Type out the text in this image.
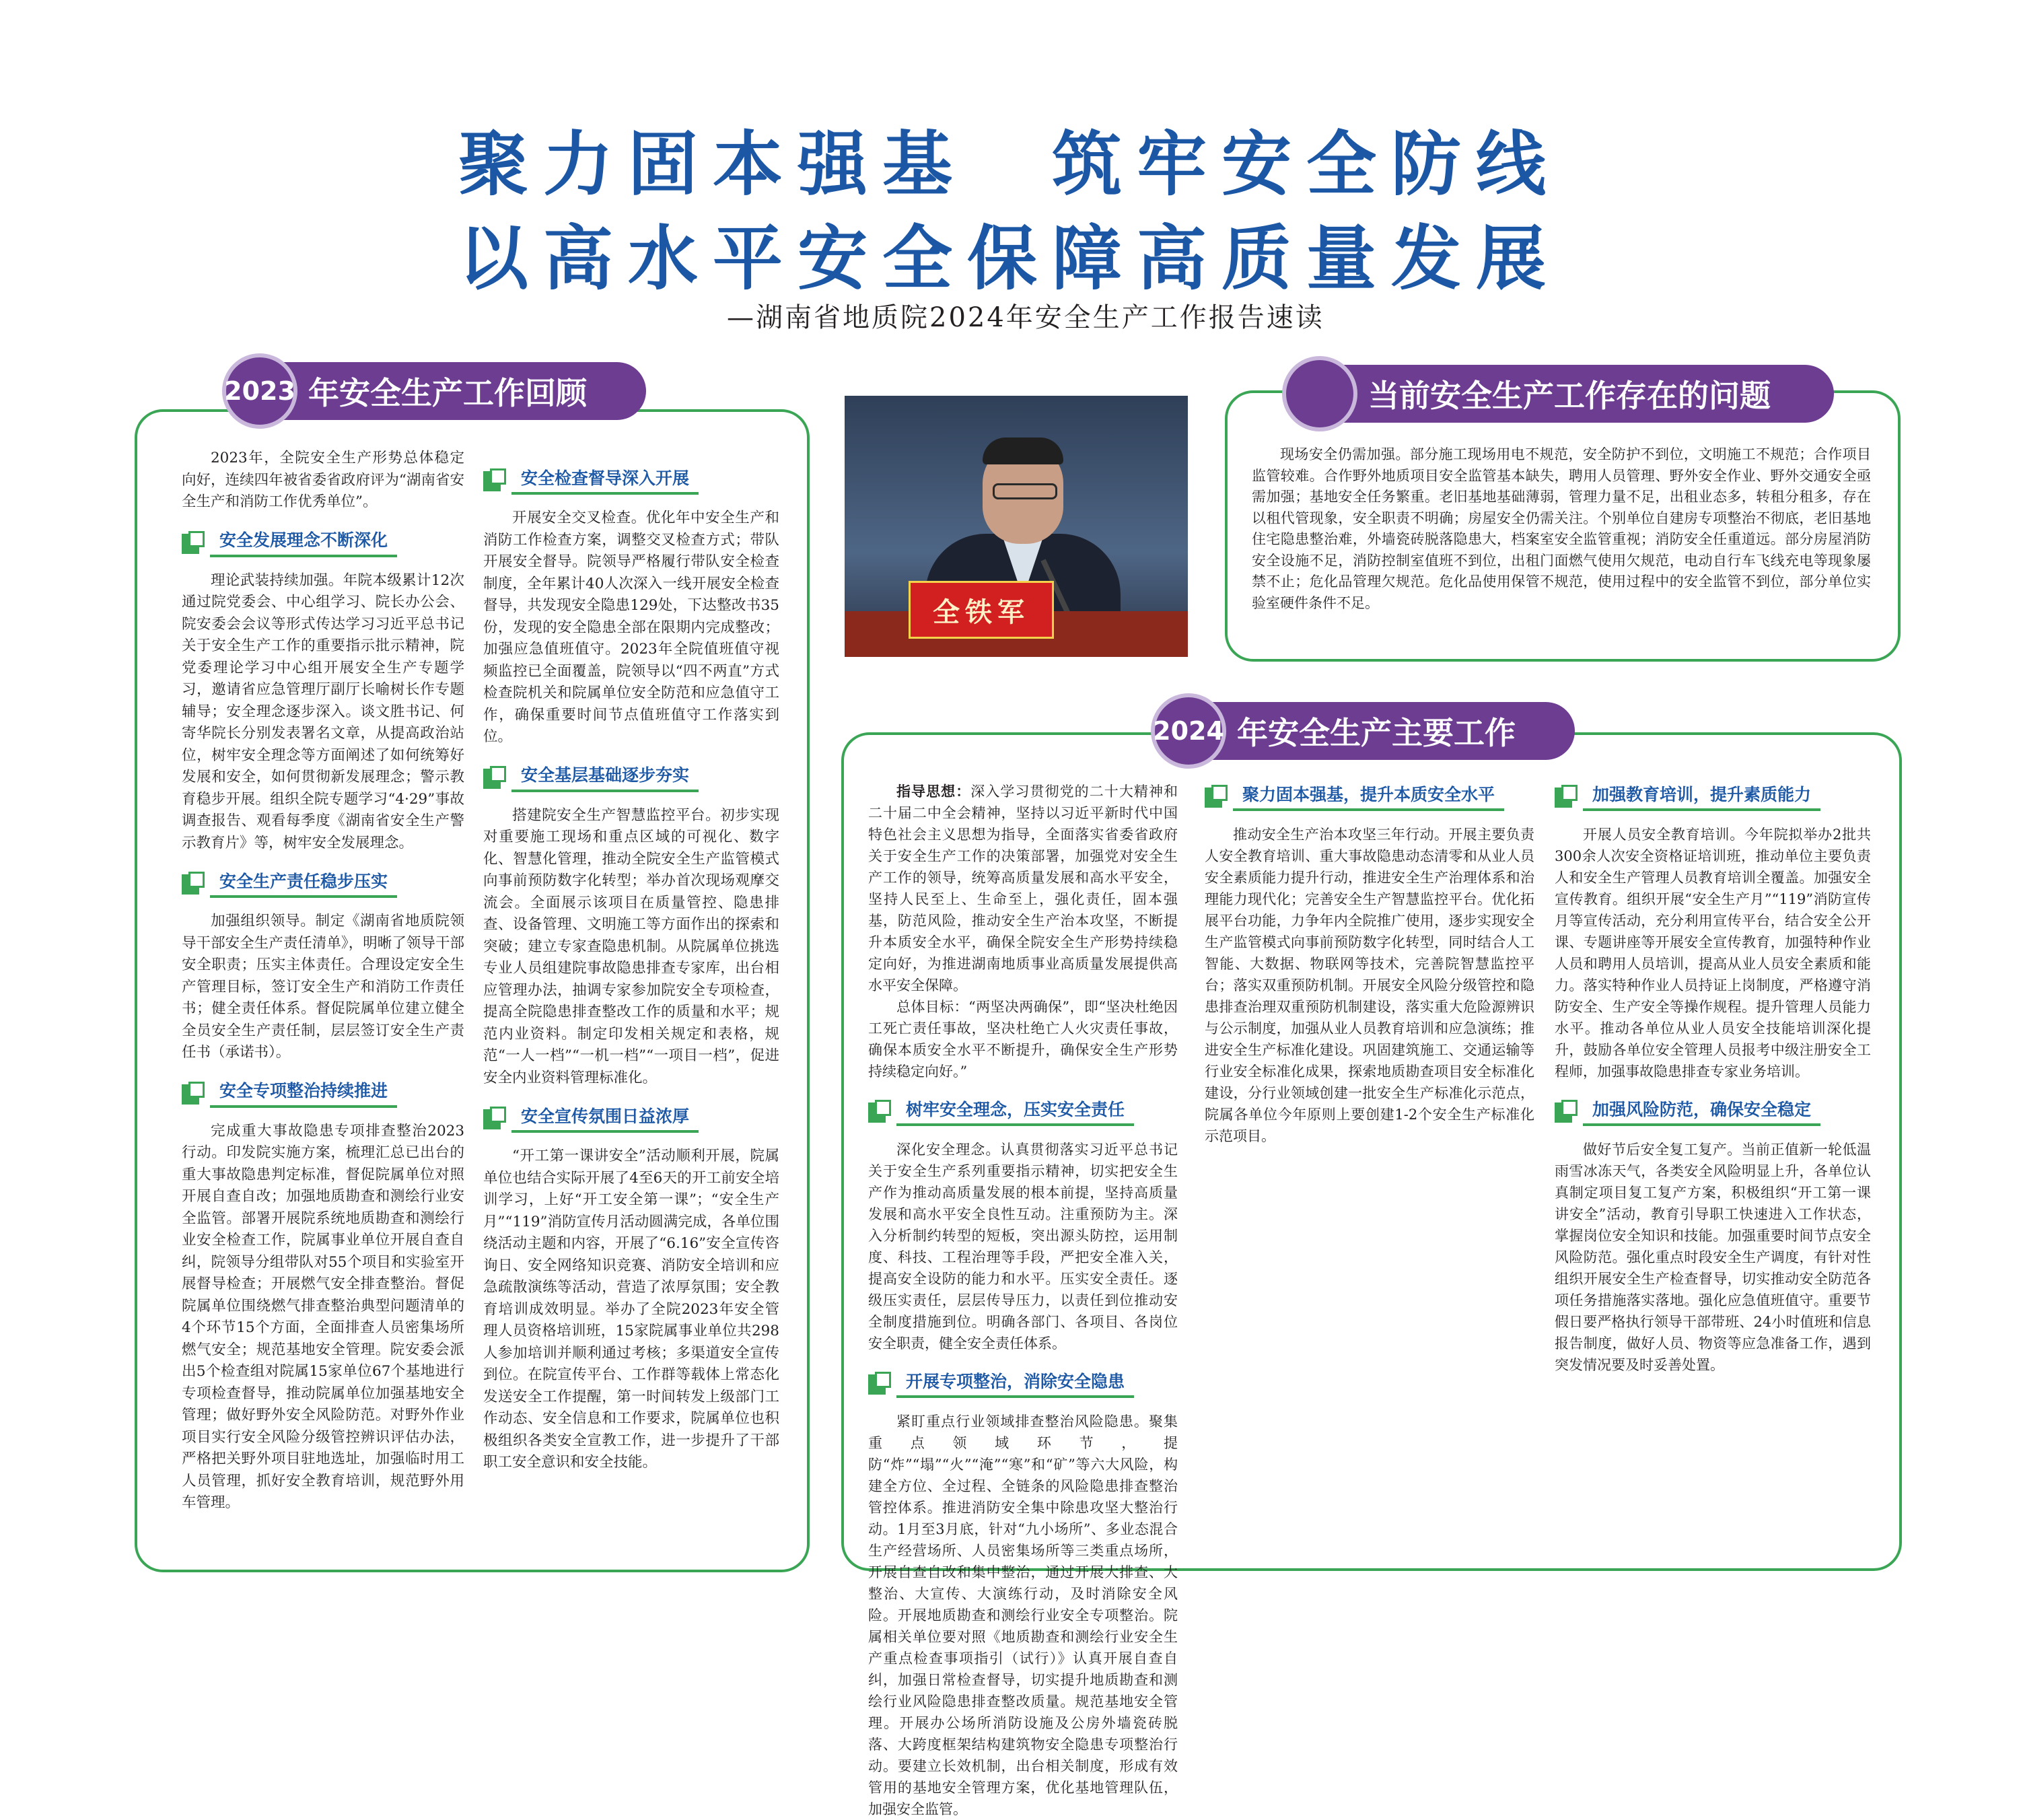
聚力固本强基　筑牢安全防线
以高水平安全保障高质量发展
—湖南省地质院2024年安全生产工作报告速读
2023 年安全生产工作回顾

2023年，全院安全生产形势总体稳定向好，连续四年被省委省政府评为“湖南省安全生产和消防工作优秀单位”。

安全发展理念不断深化

理论武装持续加强。年院本级累计12次通过院党委会、中心组学习、院长办公会、院安委会会议等形式传达学习习近平总书记关于安全生产工作的重要指示批示精神，院党委理论学习中心组开展安全生产专题学习，邀请省应急管理厅副厅长喻树长作专题辅导；安全理念逐步深入。谈文胜书记、何寄华院长分别发表署名文章，从提高政治站位，树牢安全理念等方面阐述了如何统筹好发展和安全，如何贯彻新发展理念；警示教育稳步开展。组织全院专题学习“4·29”事故调查报告、观看每季度《湖南省安全生产警示教育片》等，树牢安全发展理念。

安全生产责任稳步压实

加强组织领导。制定《湖南省地质院领导干部安全生产责任清单》，明晰了领导干部安全职责；压实主体责任。合理设定安全生产管理目标，签订安全生产和消防工作责任书；健全责任体系。督促院属单位建立健全全员安全生产责任制，层层签订安全生产责任书（承诺书）。

安全专项整治持续推进

完成重大事故隐患专项排查整治2023行动。印发院实施方案，梳理汇总已出台的重大事故隐患判定标准，督促院属单位对照开展自查自改；加强地质勘查和测绘行业安全监管。部署开展院系统地质勘查和测绘行业安全检查工作，院属事业单位开展自查自纠，院领导分组带队对55个项目和实验室开展督导检查；开展燃气安全排查整治。督促院属单位围绕燃气排查整治典型问题清单的4个环节15个方面，全面排查人员密集场所燃气安全；规范基地安全管理。院安委会派出5个检查组对院属15家单位67个基地进行专项检查督导，推动院属单位加强基地安全管理；做好野外安全风险防范。对野外作业项目实行安全风险分级管控辨识评估办法，严格把关野外项目驻地选址，加强临时用工人员管理，抓好安全教育培训，规范野外用车管理。

安全检查督导深入开展

开展安全交叉检查。优化年中安全生产和消防工作检查方案，调整交叉检查方式；带队开展安全督导。院领导严格履行带队安全检查制度，全年累计40人次深入一线开展安全检查督导，共发现安全隐患129处，下达整改书35份，发现的安全隐患全部在限期内完成整改；加强应急值班值守。2023年全院值班值守视频监控已全面覆盖，院领导以“四不两直”方式检查院机关和院属单位安全防范和应急值守工作，确保重要时间节点值班值守工作落实到位。

安全基层基础逐步夯实

搭建院安全生产智慧监控平台。初步实现对重要施工现场和重点区域的可视化、数字化、智慧化管理，推动全院安全生产监管模式向事前预防数字化转型；举办首次现场观摩交流会。全面展示该项目在质量管控、隐患排查、设备管理、文明施工等方面作出的探索和突破；建立专家查隐患机制。从院属单位挑选专业人员组建院事故隐患排查专家库，出台相应管理办法，抽调专家参加院安全专项检查，提高全院隐患排查整改工作的质量和水平；规范内业资料。制定印发相关规定和表格，规范“一人一档”“一机一档”“一项目一档”，促进安全内业资料管理标准化。

安全宣传氛围日益浓厚

“开工第一课讲安全”活动顺利开展，院属单位也结合实际开展了4至6天的开工前安全培训学习，上好“开工安全第一课”；“安全生产月”“119”消防宣传月活动圆满完成，各单位围绕活动主题和内容，开展了“6.16”安全宣传咨询日、安全网络知识竞赛、消防安全培训和应急疏散演练等活动，营造了浓厚氛围；安全教育培训成效明显。举办了全院2023年安全管理人员资格培训班，15家院属事业单位共298人参加培训并顺利通过考核；多渠道安全宣传到位。在院宣传平台、工作群等载体上常态化发送安全工作提醒，第一时间转发上级部门工作动态、安全信息和工作要求，院属单位也积极组织各类安全宣教工作，进一步提升了干部职工安全意识和安全技能。

全铁军
当前安全生产工作存在的问题

现场安全仍需加强。部分施工现场用电不规范，安全防护不到位，文明施工不规范；合作项目监管较难。合作野外地质项目安全监管基本缺失，聘用人员管理、野外安全作业、野外交通安全亟需加强；基地安全任务繁重。老旧基地基础薄弱，管理力量不足，出租业态多，转租分租多，存在以租代管现象，安全职责不明确；房屋安全仍需关注。个别单位自建房专项整治不彻底，老旧基地住宅隐患整治难，外墙瓷砖脱落隐患大，档案室安全监管重视；消防安全任重道远。部分房屋消防安全设施不足，消防控制室值班不到位，出租门面燃气使用欠规范，电动自行车飞线充电等现象屡禁不止；危化品管理欠规范。危化品使用保管不规范，使用过程中的安全监管不到位，部分单位实验室硬件条件不足。

2024 年安全生产主要工作

指导思想：深入学习贯彻党的二十大精神和二十届二中全会精神，坚持以习近平新时代中国特色社会主义思想为指导，全面落实省委省政府关于安全生产工作的决策部署，加强党对安全生产工作的领导，统筹高质量发展和高水平安全，坚持人民至上、生命至上，强化责任，固本强基，防范风险，推动安全生产治本攻坚，不断提升本质安全水平，确保全院安全生产形势持续稳定向好，为推进湖南地质事业高质量发展提供高水平安全保障。

总体目标：“两坚决两确保”，即“坚决杜绝因工死亡责任事故，坚决杜绝亡人火灾责任事故，确保本质安全水平不断提升，确保安全生产形势持续稳定向好。”

树牢安全理念，压实安全责任

深化安全理念。认真贯彻落实习近平总书记关于安全生产系列重要指示精神，切实把安全生产作为推动高质量发展的根本前提，坚持高质量发展和高水平安全良性互动。注重预防为主。深入分析制约转型的短板，突出源头防控，运用制度、科技、工程治理等手段，严把安全准入关，提高安全设防的能力和水平。压实安全责任。逐级压实责任，层层传导压力，以责任到位推动安全制度措施到位。明确各部门、各项目、各岗位安全职责，健全安全责任体系。

开展专项整治，消除安全隐患

紧盯重点行业领域排查整治风险隐患。聚集重点领域环节，提防“炸”“塌”“火”“淹”“寒”和“矿”等六大风险，构建全方位、全过程、全链条的风险隐患排查整治管控体系。推进消防安全集中除患攻坚大整治行动。1月至3月底，针对“九小场所”、多业态混合生产经营场所、人员密集场所等三类重点场所，开展自查自改和集中整治，通过开展大排查、大整治、大宣传、大演练行动，及时消除安全风险。开展地质勘查和测绘行业安全专项整治。院属相关单位要对照《地质勘查和测绘行业安全生产重点检查事项指引（试行）》认真开展自查自纠，加强日常检查督导，切实提升地质勘查和测绘行业风险隐患排查整改质量。规范基地安全管理。开展办公场所消防设施及公房外墙瓷砖脱落、大跨度框架结构建筑物安全隐患专项整治行动。要建立长效机制，出台相关制度，形成有效管用的基地安全管理方案，优化基地管理队伍，加强安全监管。

聚力固本强基，提升本质安全水平

推动安全生产治本攻坚三年行动。开展主要负责人安全教育培训、重大事故隐患动态清零和从业人员安全素质能力提升行动，推进安全生产治理体系和治理能力现代化；完善安全生产智慧监控平台。优化拓展平台功能，力争年内全院推广使用，逐步实现安全生产监管模式向事前预防数字化转型，同时结合人工智能、大数据、物联网等技术，完善院智慧监控平台；落实双重预防机制。开展安全风险分级管控和隐患排查治理双重预防机制建设，落实重大危险源辨识与公示制度，加强从业人员教育培训和应急演练；推进安全生产标准化建设。巩固建筑施工、交通运输等行业安全标准化成果，探索地质勘查项目安全标准化建设，分行业领域创建一批安全生产标准化示范点，院属各单位今年原则上要创建1-2个安全生产标准化示范项目。

加强教育培训，提升素质能力

开展人员安全教育培训。今年院拟举办2批共300余人次安全资格证培训班，推动单位主要负责人和安全生产管理人员教育培训全覆盖。加强安全宣传教育。组织开展“安全生产月”“119”消防宣传月等宣传活动，充分利用宣传平台，结合安全公开课、专题讲座等开展安全宣传教育，加强特种作业人员和聘用人员培训，提高从业人员安全素质和能力。落实特种作业人员持证上岗制度，严格遵守消防安全、生产安全等操作规程。提升管理人员能力水平。推动各单位从业人员安全技能培训深化提升，鼓励各单位安全管理人员报考中级注册安全工程师，加强事故隐患排查专家业务培训。

加强风险防范，确保安全稳定

做好节后安全复工复产。当前正值新一轮低温雨雪冰冻天气，各类安全风险明显上升，各单位认真制定项目复工复产方案，积极组织“开工第一课讲安全”活动，教育引导职工快速进入工作状态，掌握岗位安全知识和技能。加强重要时间节点安全风险防范。强化重点时段安全生产调度，有针对性组织开展安全生产检查督导，切实推动安全防范各项任务措施落实落地。强化应急值班值守。重要节假日要严格执行领导干部带班、24小时值班和信息报告制度，做好人员、物资等应急准备工作，遇到突发情况要及时妥善处置。
